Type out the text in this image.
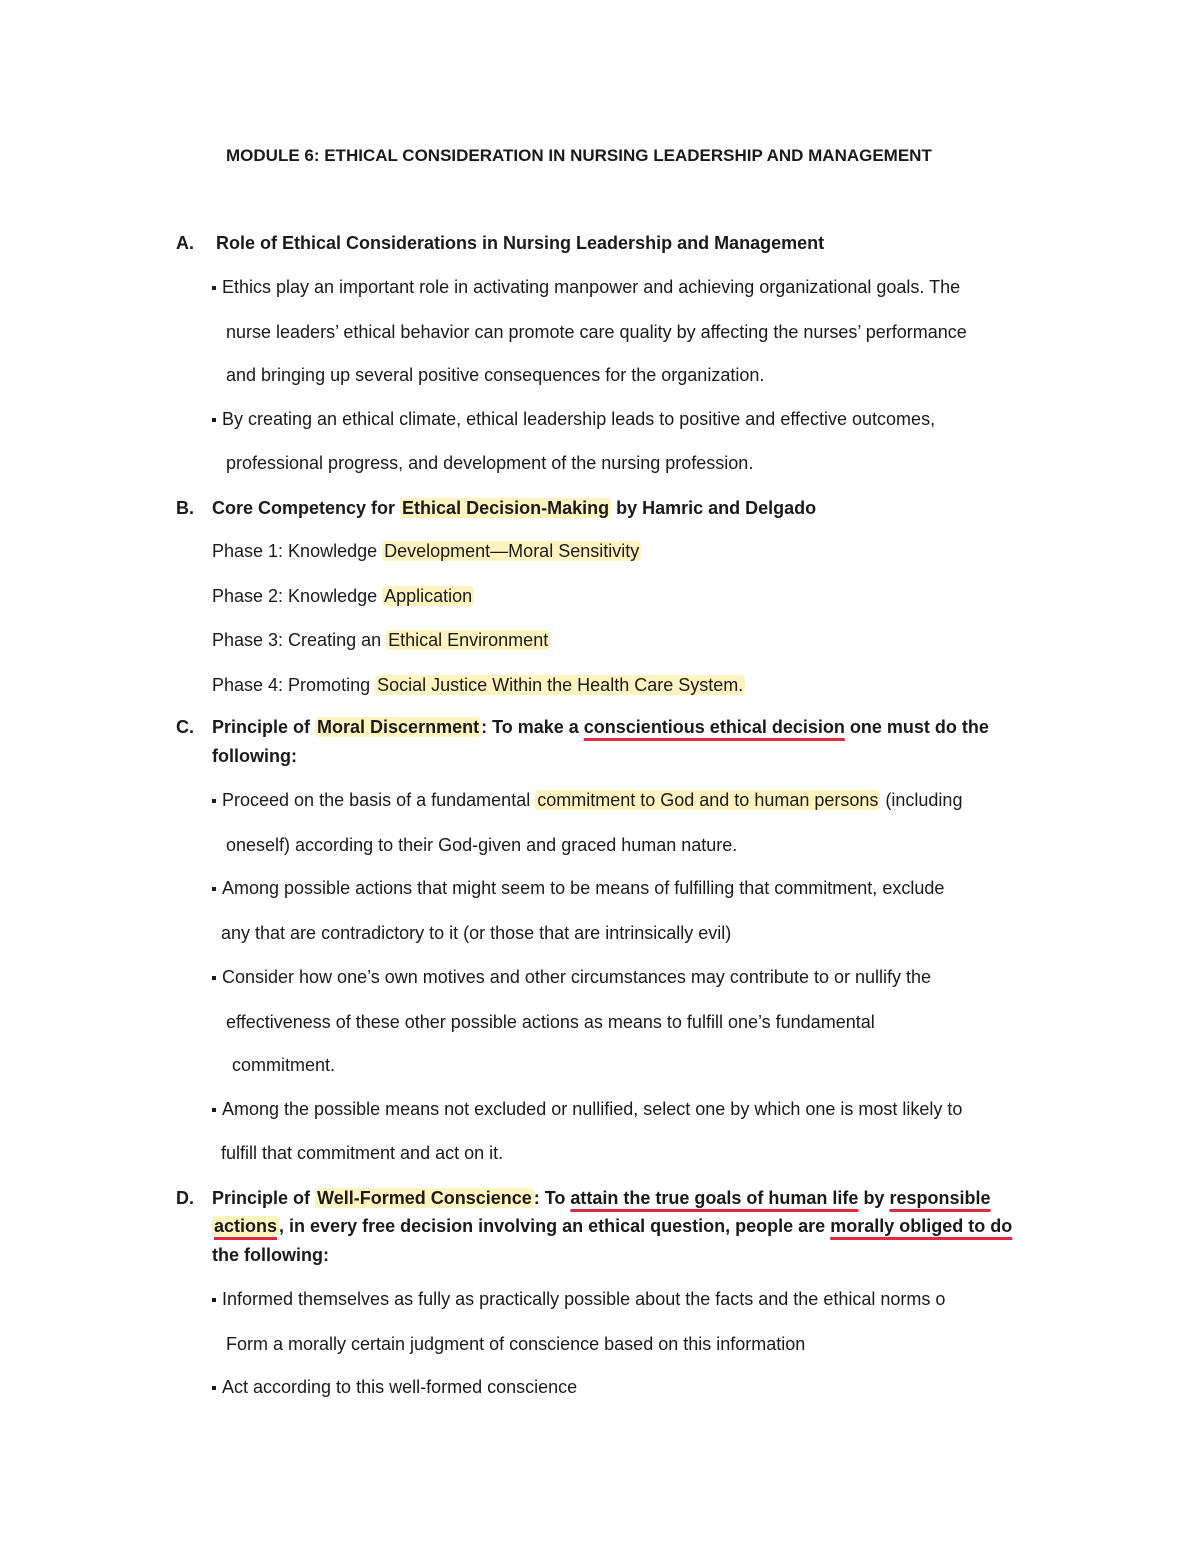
MODULE 6: ETHICAL CONSIDERATION IN NURSING LEADERSHIP AND MANAGEMENT
A. Role of Ethical Considerations in Nursing Leadership and Management
Ethics play an important role in activating manpower and achieving organizational goals. The
nurse leaders’ ethical behavior can promote care quality by affecting the nurses’ performance
and bringing up several positive consequences for the organization.
By creating an ethical climate, ethical leadership leads to positive and effective outcomes,
professional progress, and development of the nursing profession.
B. Core Competency for Ethical Decision-Making by Hamric and Delgado
Phase 1: Knowledge Development—Moral Sensitivity
Phase 2: Knowledge Application
Phase 3: Creating an Ethical Environment
Phase 4: Promoting Social Justice Within the Health Care System.
C. Principle of Moral Discernment : To make a conscientious ethical decision one must do the
following:
Proceed on the basis of a fundamental commitment to God and to human persons (including
oneself) according to their God-given and graced human nature.
Among possible actions that might seem to be means of fulfilling that commitment, exclude
any that are contradictory to it (or those that are intrinsically evil)
Consider how one’s own motives and other circumstances may contribute to or nullify the
effectiveness of these other possible actions as means to fulfill one’s fundamental
commitment.
Among the possible means not excluded or nullified, select one by which one is most likely to
fulfill that commitment and act on it.
D. Principle of Well-Formed Conscience : To attain the true goals of human life by responsible
actions , in every free decision involving an ethical question, people are morally obliged to do
the following:
Informed themselves as fully as practically possible about the facts and the ethical norms o
Form a morally certain judgment of conscience based on this information
Act according to this well-formed conscience
